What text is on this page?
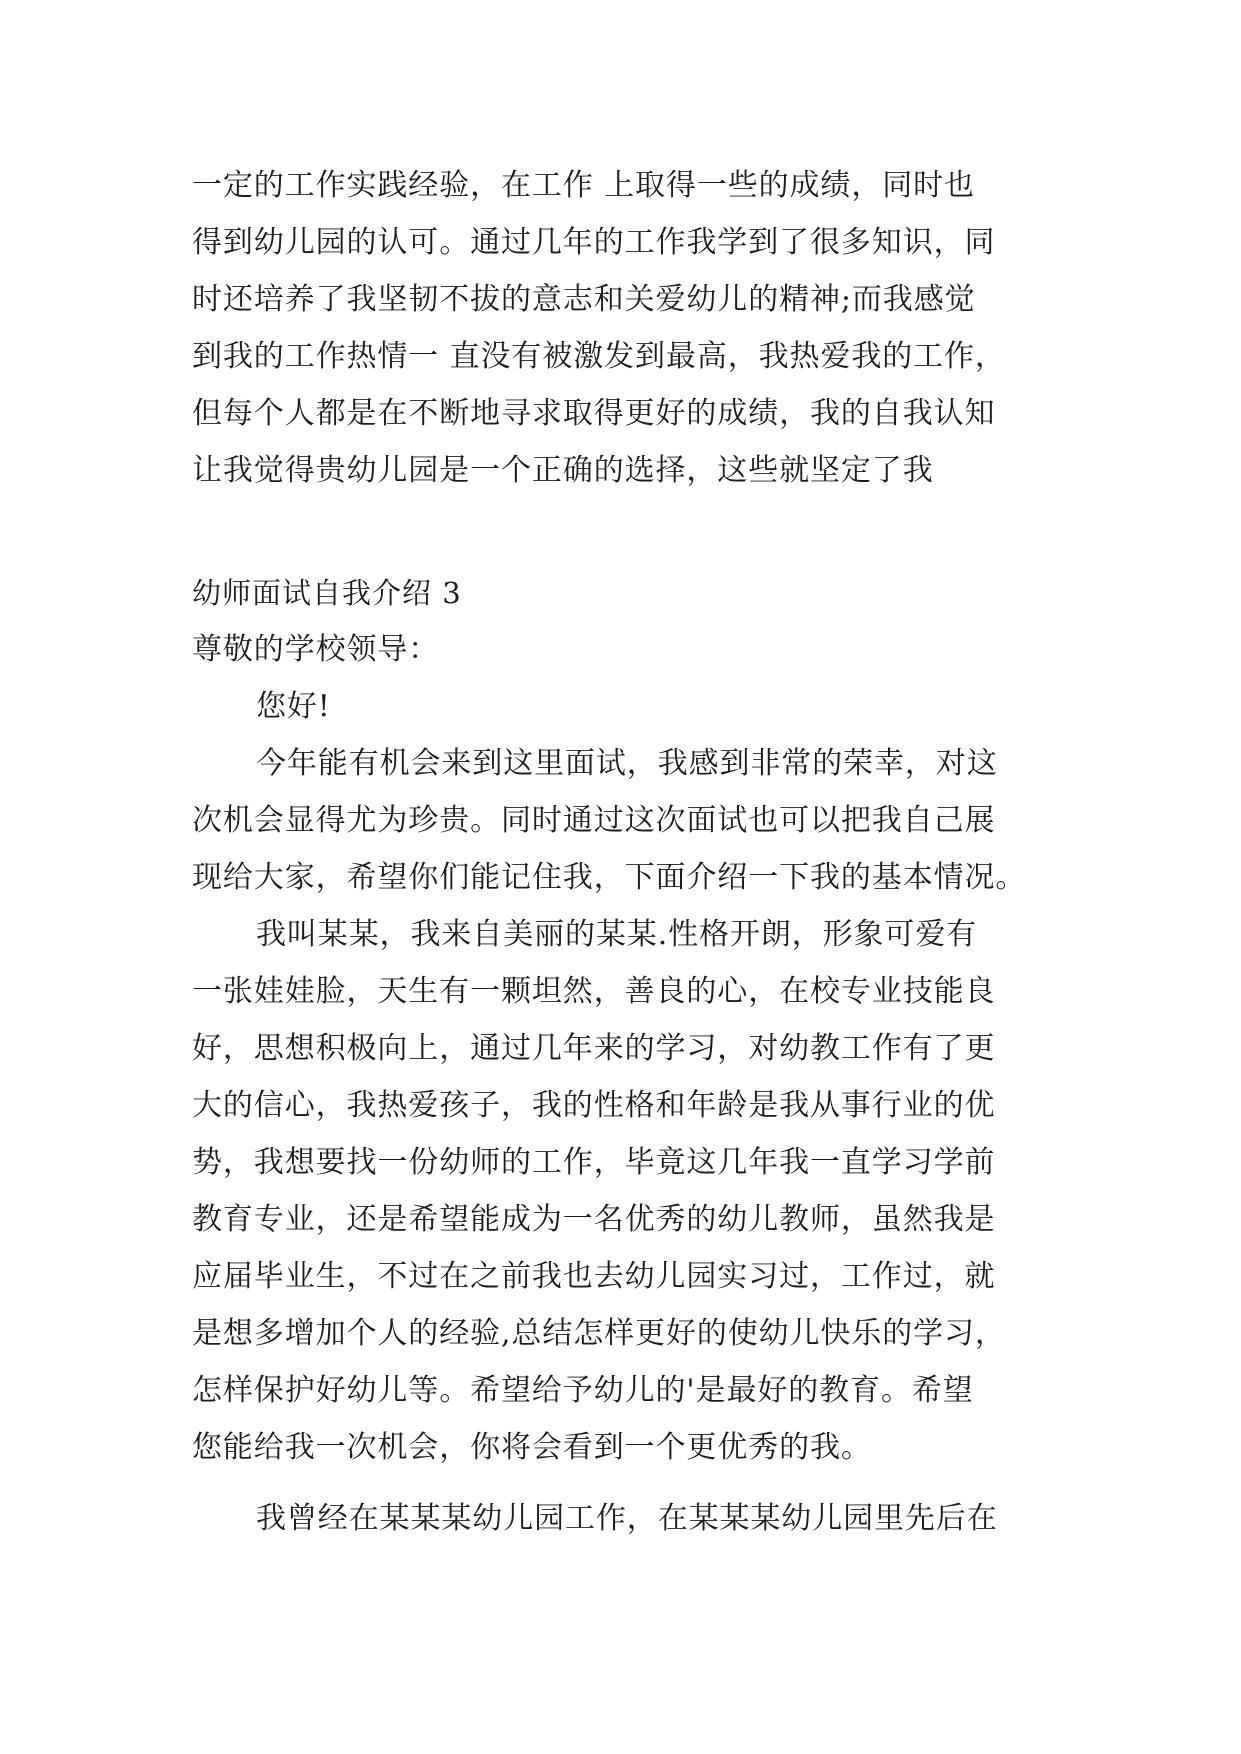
一定的工作实践经验，在工作 上取得一些的成绩，同时也
得到幼儿园的认可。通过几年的工作我学到了很多知识，同
时还培养了我坚韧不拔的意志和关爱幼儿的精神;而我感觉
到我的工作热情一 直没有被激发到最高，我热爱我的工作，
但每个人都是在不断地寻求取得更好的成绩，我的自我认知
让我觉得贵幼儿园是一个正确的选择，这些就坚定了我
幼师面试自我介绍 3
尊敬的学校领导：
您好!
今年能有机会来到这里面试，我感到非常的荣幸，对这
次机会显得尤为珍贵。同时通过这次面试也可以把我自己展
现给大家，希望你们能记住我，下面介绍一下我的基本情况。
我叫某某，我来自美丽的某某.性格开朗，形象可爱有
一张娃娃脸，天生有一颗坦然，善良的心，在校专业技能良
好，思想积极向上，通过几年来的学习，对幼教工作有了更
大的信心，我热爱孩子，我的性格和年龄是我从事行业的优
势，我想要找一份幼师的工作，毕竟这几年我一直学习学前
教育专业，还是希望能成为一名优秀的幼儿教师，虽然我是
应届毕业生，不过在之前我也去幼儿园实习过，工作过，就
是想多增加个人的经验,总结怎样更好的使幼儿快乐的学习，
怎样保护好幼儿等。希望给予幼儿的'是最好的教育。希望
您能给我一次机会，你将会看到一个更优秀的我。
我曾经在某某某幼儿园工作，在某某某幼儿园里先后在
